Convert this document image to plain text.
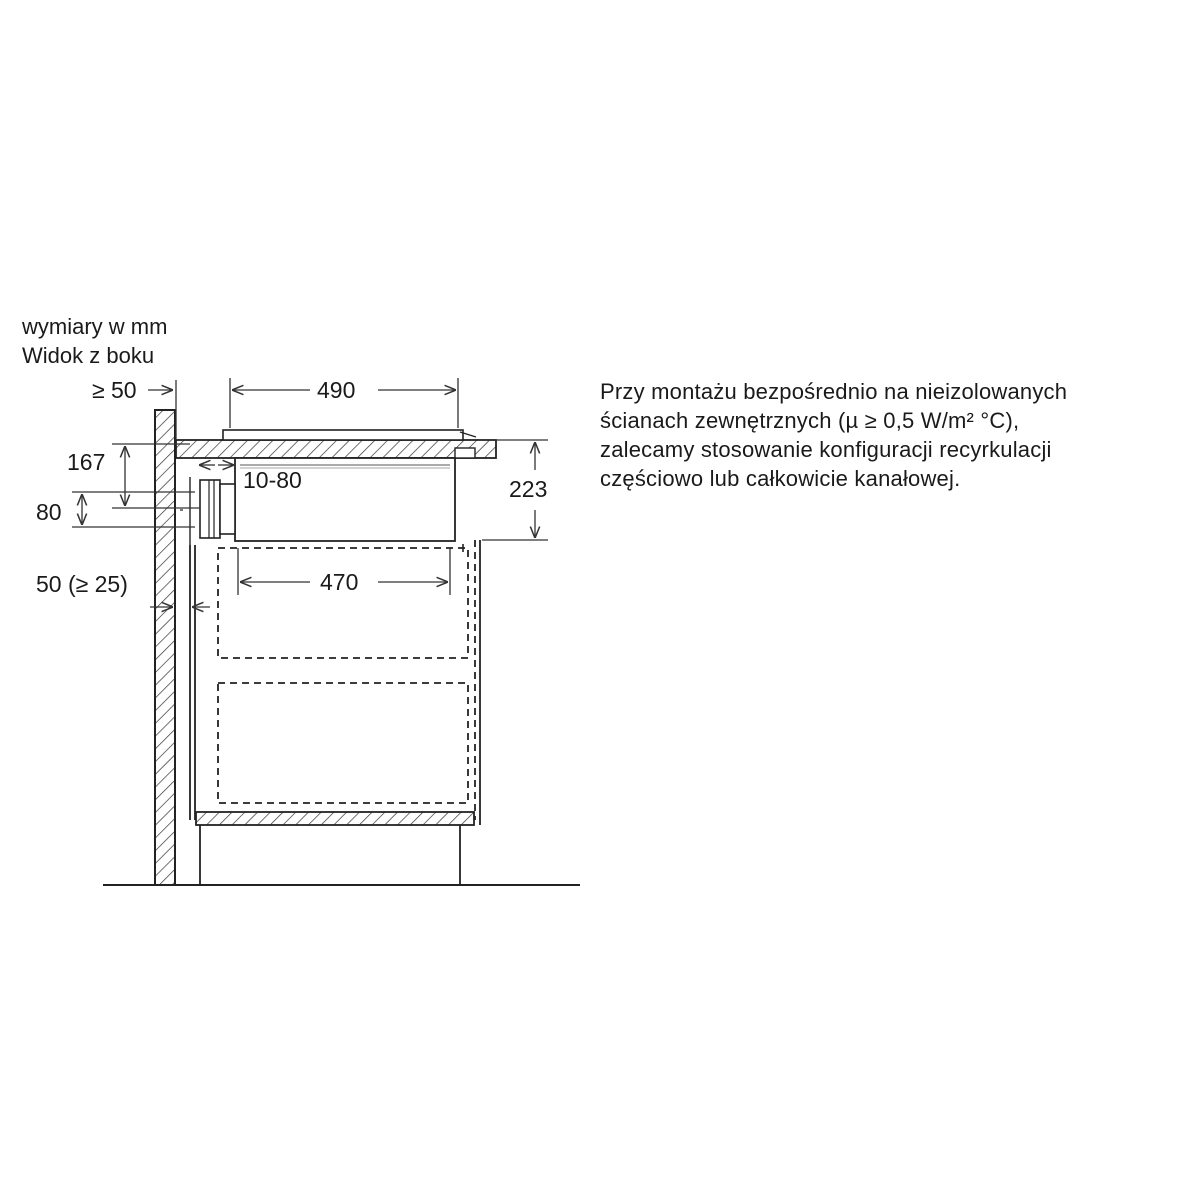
wymiary w mm
Widok z boku
≥ 50	490
167
80
10-80	223
470
50 (≥ 25)
Przy montażu bezpośrednio na nieizolowanych
ścianach zewnętrznych (µ ≥ 0,5 W/m² °C),
zalecamy stosowanie konfiguracji recyrkulacji
częściowo lub całkowicie kanałowej.
